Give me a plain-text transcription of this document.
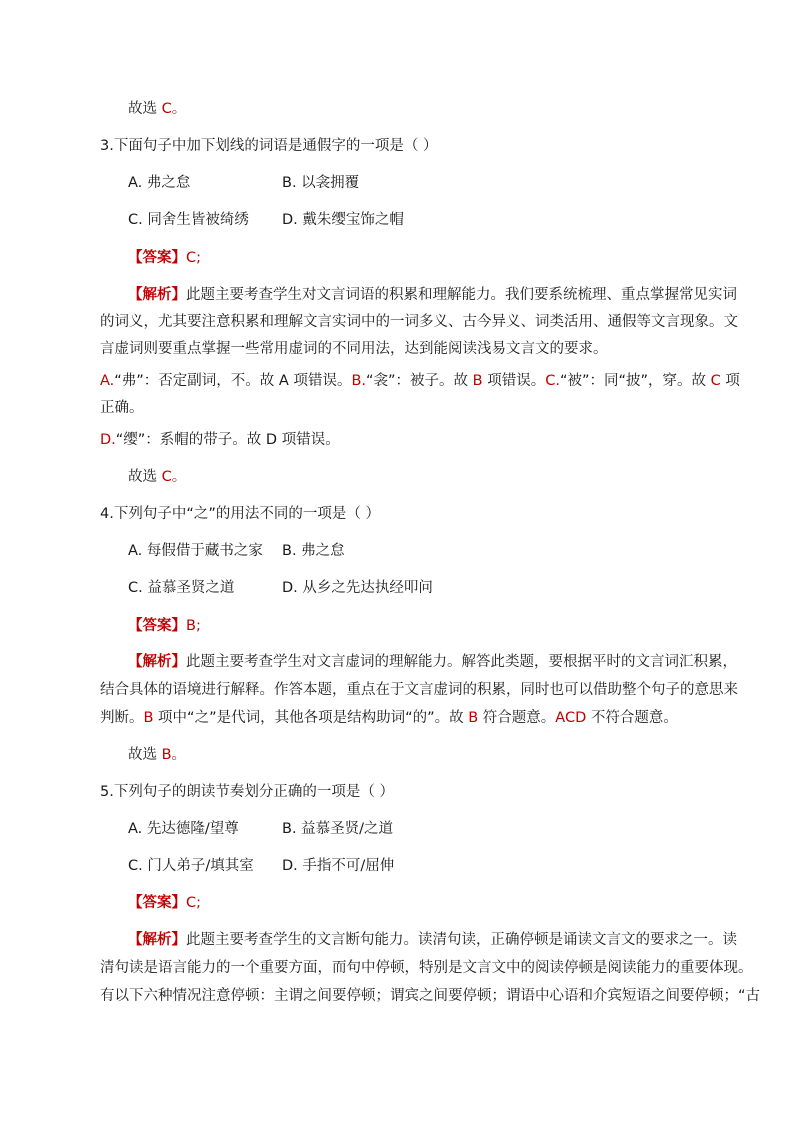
故选 C。
3.下面句子中加下划线的词语是通假字的一项是（ ）
A. 弗之怠	B. 以衾拥覆
C. 同舍生皆被绮绣 D. 戴朱缨宝饰之帽
【答案】C;
【解析】此题主要考查学生对文言词语的积累和理解能力。我们要系统梳理、重点掌握常见实词
的词义，尤其要注意积累和理解文言实词中的一词多义、古今异义、词类活用、通假等文言现象。文
言虚词则要重点掌握一些常用虚词的不同用法，达到能阅读浅易文言文的要求。
A.“弗”：否定副词，不。故 A 项错误。B.“衾”：被子。故 B 项错误。C.“被”：同“披”，穿。故 C 项
正确。
D.“缨”：系帽的带子。故 D 项错误。
故选 C。
4.下列句子中“之”的用法不同的一项是（ ）
A. 每假借于藏书之家 B. 弗之怠
C. 益慕圣贤之道	D. 从乡之先达执经叩问
【答案】B;
【解析】此题主要考查学生对文言虚词的理解能力。解答此类题，要根据平时的文言词汇积累，
结合具体的语境进行解释。作答本题，重点在于文言虚词的积累，同时也可以借助整个句子的意思来
判断。B 项中“之”是代词，其他各项是结构助词“的”。故 B 符合题意。ACD 不符合题意。
故选 B。
5.下列句子的朗读节奏划分正确的一项是（ ）
A. 先达德隆/望尊	B. 益慕圣贤/之道
C. 门人弟子/填其室 D. 手指不可/屈伸
【答案】C;
【解析】此题主要考查学生的文言断句能力。读清句读，正确停顿是诵读文言文的要求之一。读
清句读是语言能力的一个重要方面，而句中停顿，特别是文言文中的阅读停顿是阅读能力的重要体现。
有以下六种情况注意停顿：主谓之间要停顿；谓宾之间要停顿；谓语中心语和介宾短语之间要停顿；“古
